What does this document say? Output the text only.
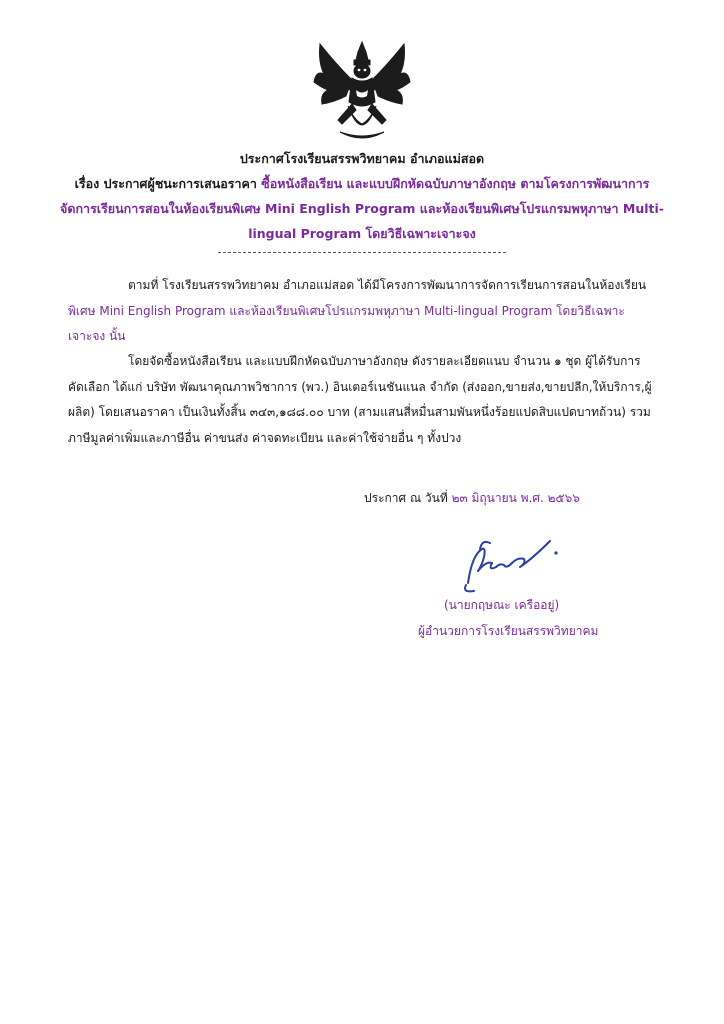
ประกาศโรงเรียนสรรพวิทยาคม อำเภอแม่สอด
เรื่อง ประกาศผู้ชนะการเสนอราคา ซื้อหนังสือเรียน และแบบฝึกหัดฉบับภาษาอังกฤษ ตามโครงการพัฒนาการ
จัดการเรียนการสอนในห้องเรียนพิเศษ Mini English Program และห้องเรียนพิเศษโปรแกรมพหุภาษา Multi-
lingual Program โดยวิธีเฉพาะเจาะจง
ตามที่ โรงเรียนสรรพวิทยาคม อำเภอแม่สอด ได้มีโครงการพัฒนาการจัดการเรียนการสอนในห้องเรียน
พิเศษ Mini English Program และห้องเรียนพิเศษโปรแกรมพหุภาษา Multi-lingual Program โดยวิธีเฉพาะ
เจาะจง นั้น
โดยจัดซื้อหนังสือเรียน และแบบฝึกหัดฉบับภาษาอังกฤษ ดังรายละเอียดแนบ จำนวน ๑ ชุด ผู้ได้รับการ
คัดเลือก ได้แก่ บริษัท พัฒนาคุณภาพวิชาการ (พว.) อินเตอร์เนชันแนล จำกัด (ส่งออก,ขายส่ง,ขายปลีก,ให้บริการ,ผู้
ผลิต) โดยเสนอราคา เป็นเงินทั้งสิ้น ๓๔๓,๑๘๘.๐๐ บาท (สามแสนสี่หมื่นสามพันหนึ่งร้อยแปดสิบแปดบาทถ้วน) รวม
ภาษีมูลค่าเพิ่มและภาษีอื่น ค่าขนส่ง ค่าจดทะเบียน และค่าใช้จ่ายอื่น ๆ ทั้งปวง
ประกาศ ณ วันที่ ๒๓ มิถุนายน พ.ศ. ๒๕๖๖
(นายกฤษณะ เครืออยู่)
ผู้อำนวยการโรงเรียนสรรพวิทยาคม
